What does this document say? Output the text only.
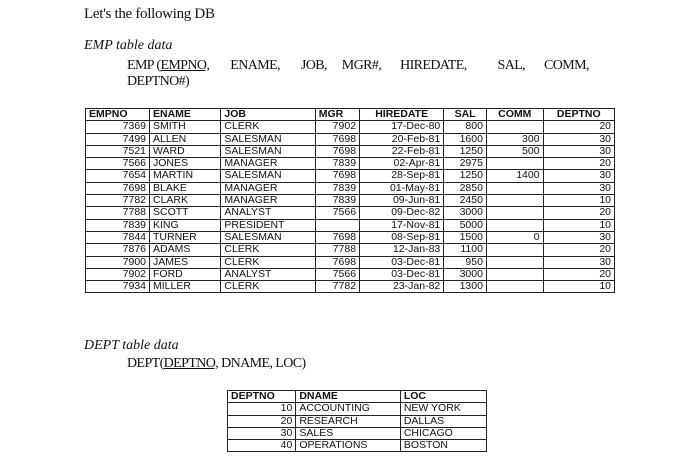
Let's the following DB
EMP table data
EMP (EMPNO, ENAME, JOB, MGR#, HIREDATE, SAL, COMM,
DEPTNO#)
EMPNO	ENAME	JOB	MGR	HIREDATE	SAL	COMM	DEPTNO
7369	SMITH	CLERK	7902	17-Dec-80	800		20
7499	ALLEN	SALESMAN	7698	20-Feb-81	1600	300	30
7521	WARD	SALESMAN	7698	22-Feb-81	1250	500	30
7566	JONES	MANAGER	7839	02-Apr-81	2975		20
7654	MARTIN	SALESMAN	7698	28-Sep-81	1250	1400	30
7698	BLAKE	MANAGER	7839	01-May-81	2850		30
7782	CLARK	MANAGER	7839	09-Jun-81	2450		10
7788	SCOTT	ANALYST	7566	09-Dec-82	3000		20
7839	KING	PRESIDENT		17-Nov-81	5000		10
7844	TURNER	SALESMAN	7698	08-Sep-81	1500	0	30
7876	ADAMS	CLERK	7788	12-Jan-83	1100		20
7900	JAMES	CLERK	7698	03-Dec-81	950		30
7902	FORD	ANALYST	7566	03-Dec-81	3000		20
7934	MILLER	CLERK	7782	23-Jan-82	1300		10
DEPT table data
DEPT(DEPTNO, DNAME, LOC)
DEPTNO	DNAME	LOC
10	ACCOUNTING	NEW YORK
20	RESEARCH	DALLAS
30	SALES	CHICAGO
40	OPERATIONS	BOSTON
